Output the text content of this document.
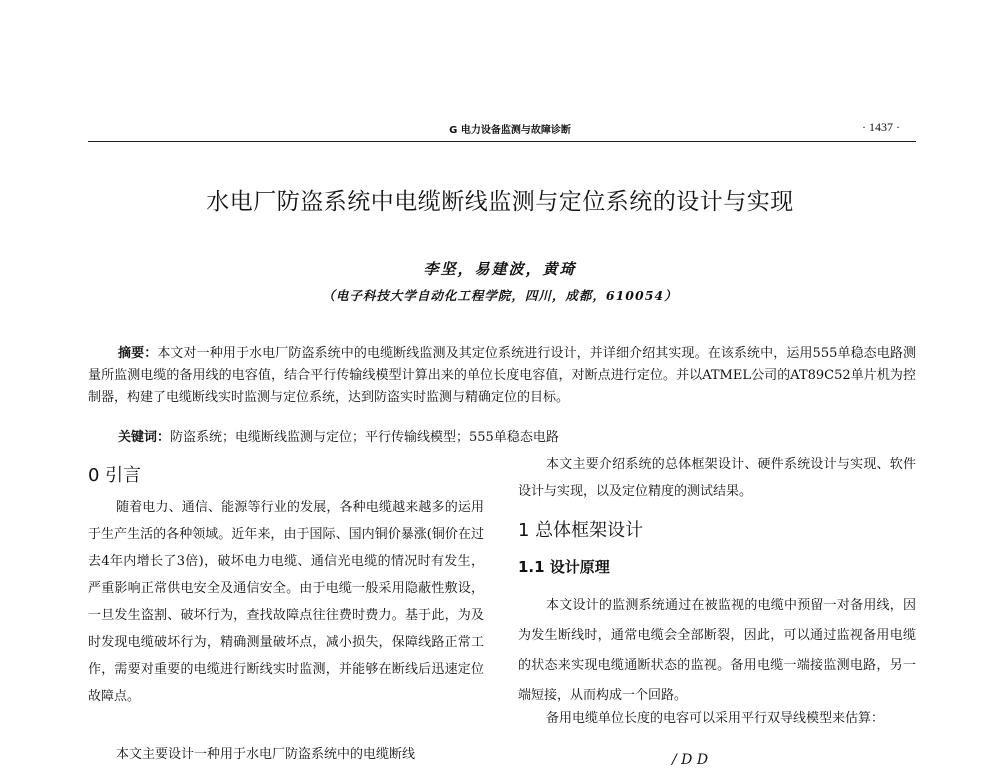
G 电力设备监测与故障诊断	· 1437 ·
水电厂防盗系统中电缆断线监测与定位系统的设计与实现
李坚，易建波，黄琦
（电子科技大学自动化工程学院，四川，成都，610054）
摘要：本文对一种用于水电厂防盗系统中的电缆断线监测及其定位系统进行设计，并详细介绍其实现。在该系统中，运用555单稳态电路测量所监测电缆的备用线的电容值，结合平行传输线模型计算出来的单位长度电容值，对断点进行定位。并以ATMEL公司的AT89C52单片机为控制器，构建了电缆断线实时监测与定位系统，达到防盗实时监测与精确定位的目标。
关键词：防盗系统；电缆断线监测与定位；平行传输线模型；555单稳态电路
0 引言

随着电力、通信、能源等行业的发展，各种电缆越来越多的运用于生产生活的各种领域。近年来，由于国际、国内铜价暴涨(铜价在过去4年内增长了3倍)，破坏电力电缆、通信光电缆的情况时有发生，严重影响正常供电安全及通信安全。由于电缆一般采用隐蔽性敷设，一旦发生盗割、破坏行为，查找故障点往往费时费力。基于此，为及时发现电缆破坏行为，精确测量破坏点，减小损失，保障线路正常工作，需要对重要的电缆进行断线实时监测，并能够在断线后迅速定位故障点。

本文主要设计一种用于水电厂防盗系统中的电缆断线

本文主要介绍系统的总体框架设计、硬件系统设计与实现、软件设计与实现，以及定位精度的测试结果。

1 总体框架设计
1.1 设计原理

本文设计的监测系统通过在被监视的电缆中预留一对备用线，因为发生断线时，通常电缆会全部断裂，因此，可以通过监视备用电缆的状态来实现电缆通断状态的监视。备用电缆一端接监测电路，另一端短接，从而构成一个回路。

备用电缆单位长度的电容可以采用平行双导线模型来估算：

/ D D
